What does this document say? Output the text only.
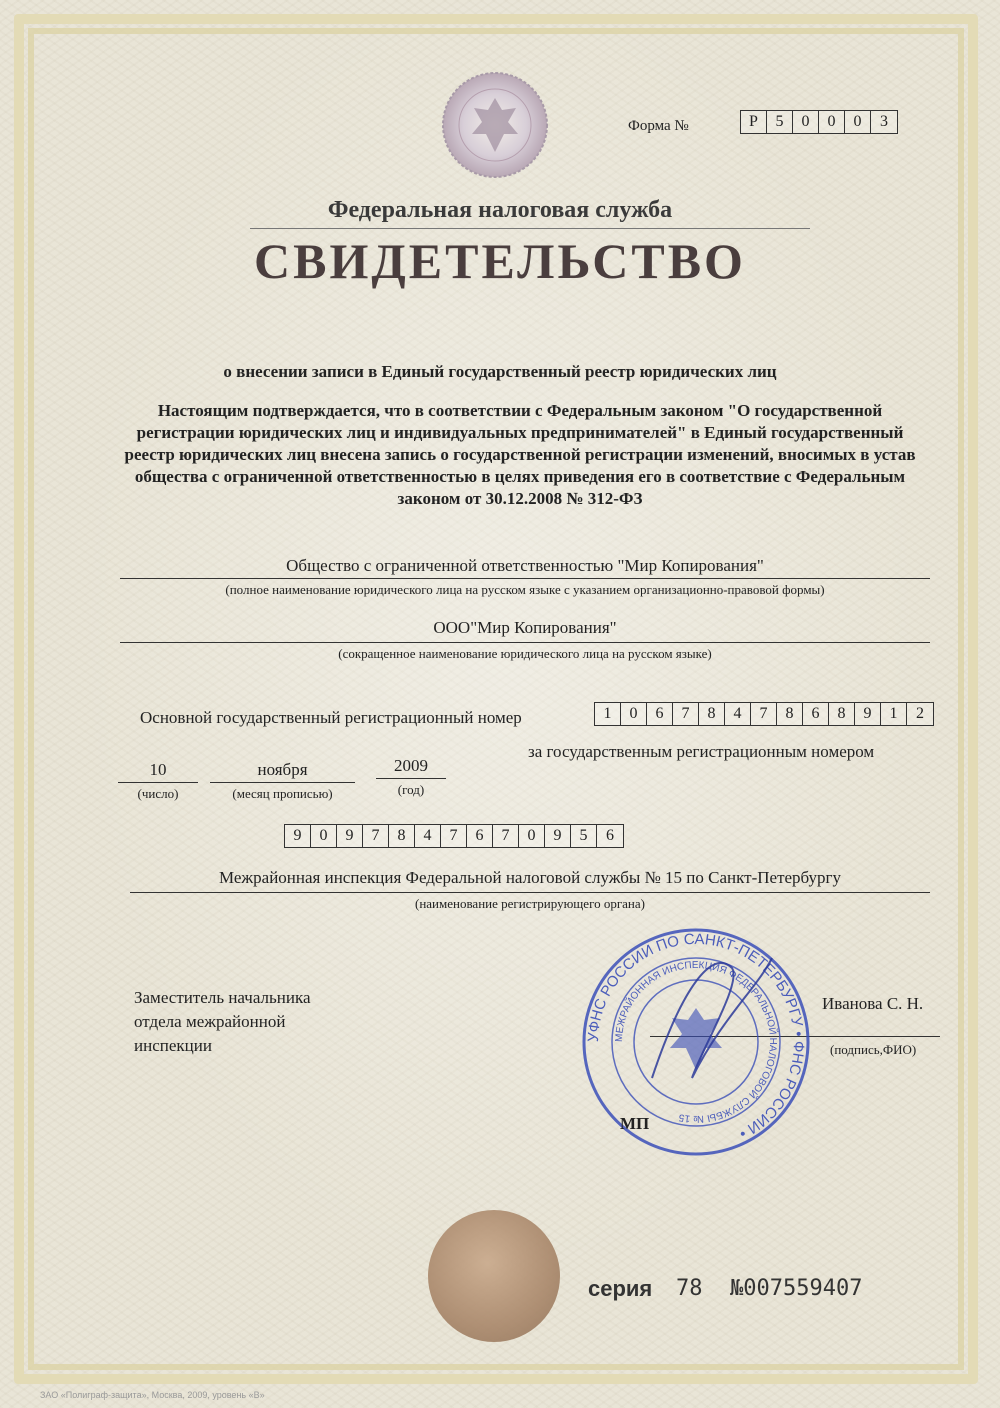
Форма №	Р	5	0	0	0	3
Федеральная налоговая служба
СВИДЕТЕЛЬСТВО
о внесении записи в Единый государственный реестр юридических лиц
Настоящим подтверждается, что в соответствии с Федеральным законом "О государственной регистрации юридических лиц и индивидуальных предпринимателей" в Единый государственный реестр юридических лиц внесена запись о государственной регистрации изменений, вносимых в устав общества с ограниченной ответственностью в целях приведения его в соответствие с Федеральным законом от 30.12.2008 № 312-ФЗ
Общество с ограниченной ответственностью "Мир Копирования"
(полное наименование юридического лица на русском языке с указанием организационно-правовой формы)
ООО"Мир Копирования"
(сокращенное наименование юридического лица на русском языке)
Основной государственный регистрационный номер	1	0	6	7	8	4	7	8	6	8	9	1	2
10
(число)
ноября
(месяц прописью)
2009
(год)
за государственным регистрационным номером
9	0	9	7	8	4	7	6	7	0	9	5	6
Межрайонная инспекция Федеральной налоговой службы № 15 по Санкт-Петербургу
(наименование регистрирующего органа)
Заместитель начальника
отдела межрайонной
инспекции
Иванова С. Н.
(подпись,ФИО)
УФНС РОССИИ ПО САНКТ-ПЕТЕРБУРГУ • ФНС РОССИИ •
МЕЖРАЙОННАЯ ИНСПЕКЦИЯ ФЕДЕРАЛЬНОЙ НАЛОГОВОЙ СЛУЖБЫ № 15
МП
серия 78 №007559407
ЗАО «Полиграф-защита», Москва, 2009, уровень «В»
